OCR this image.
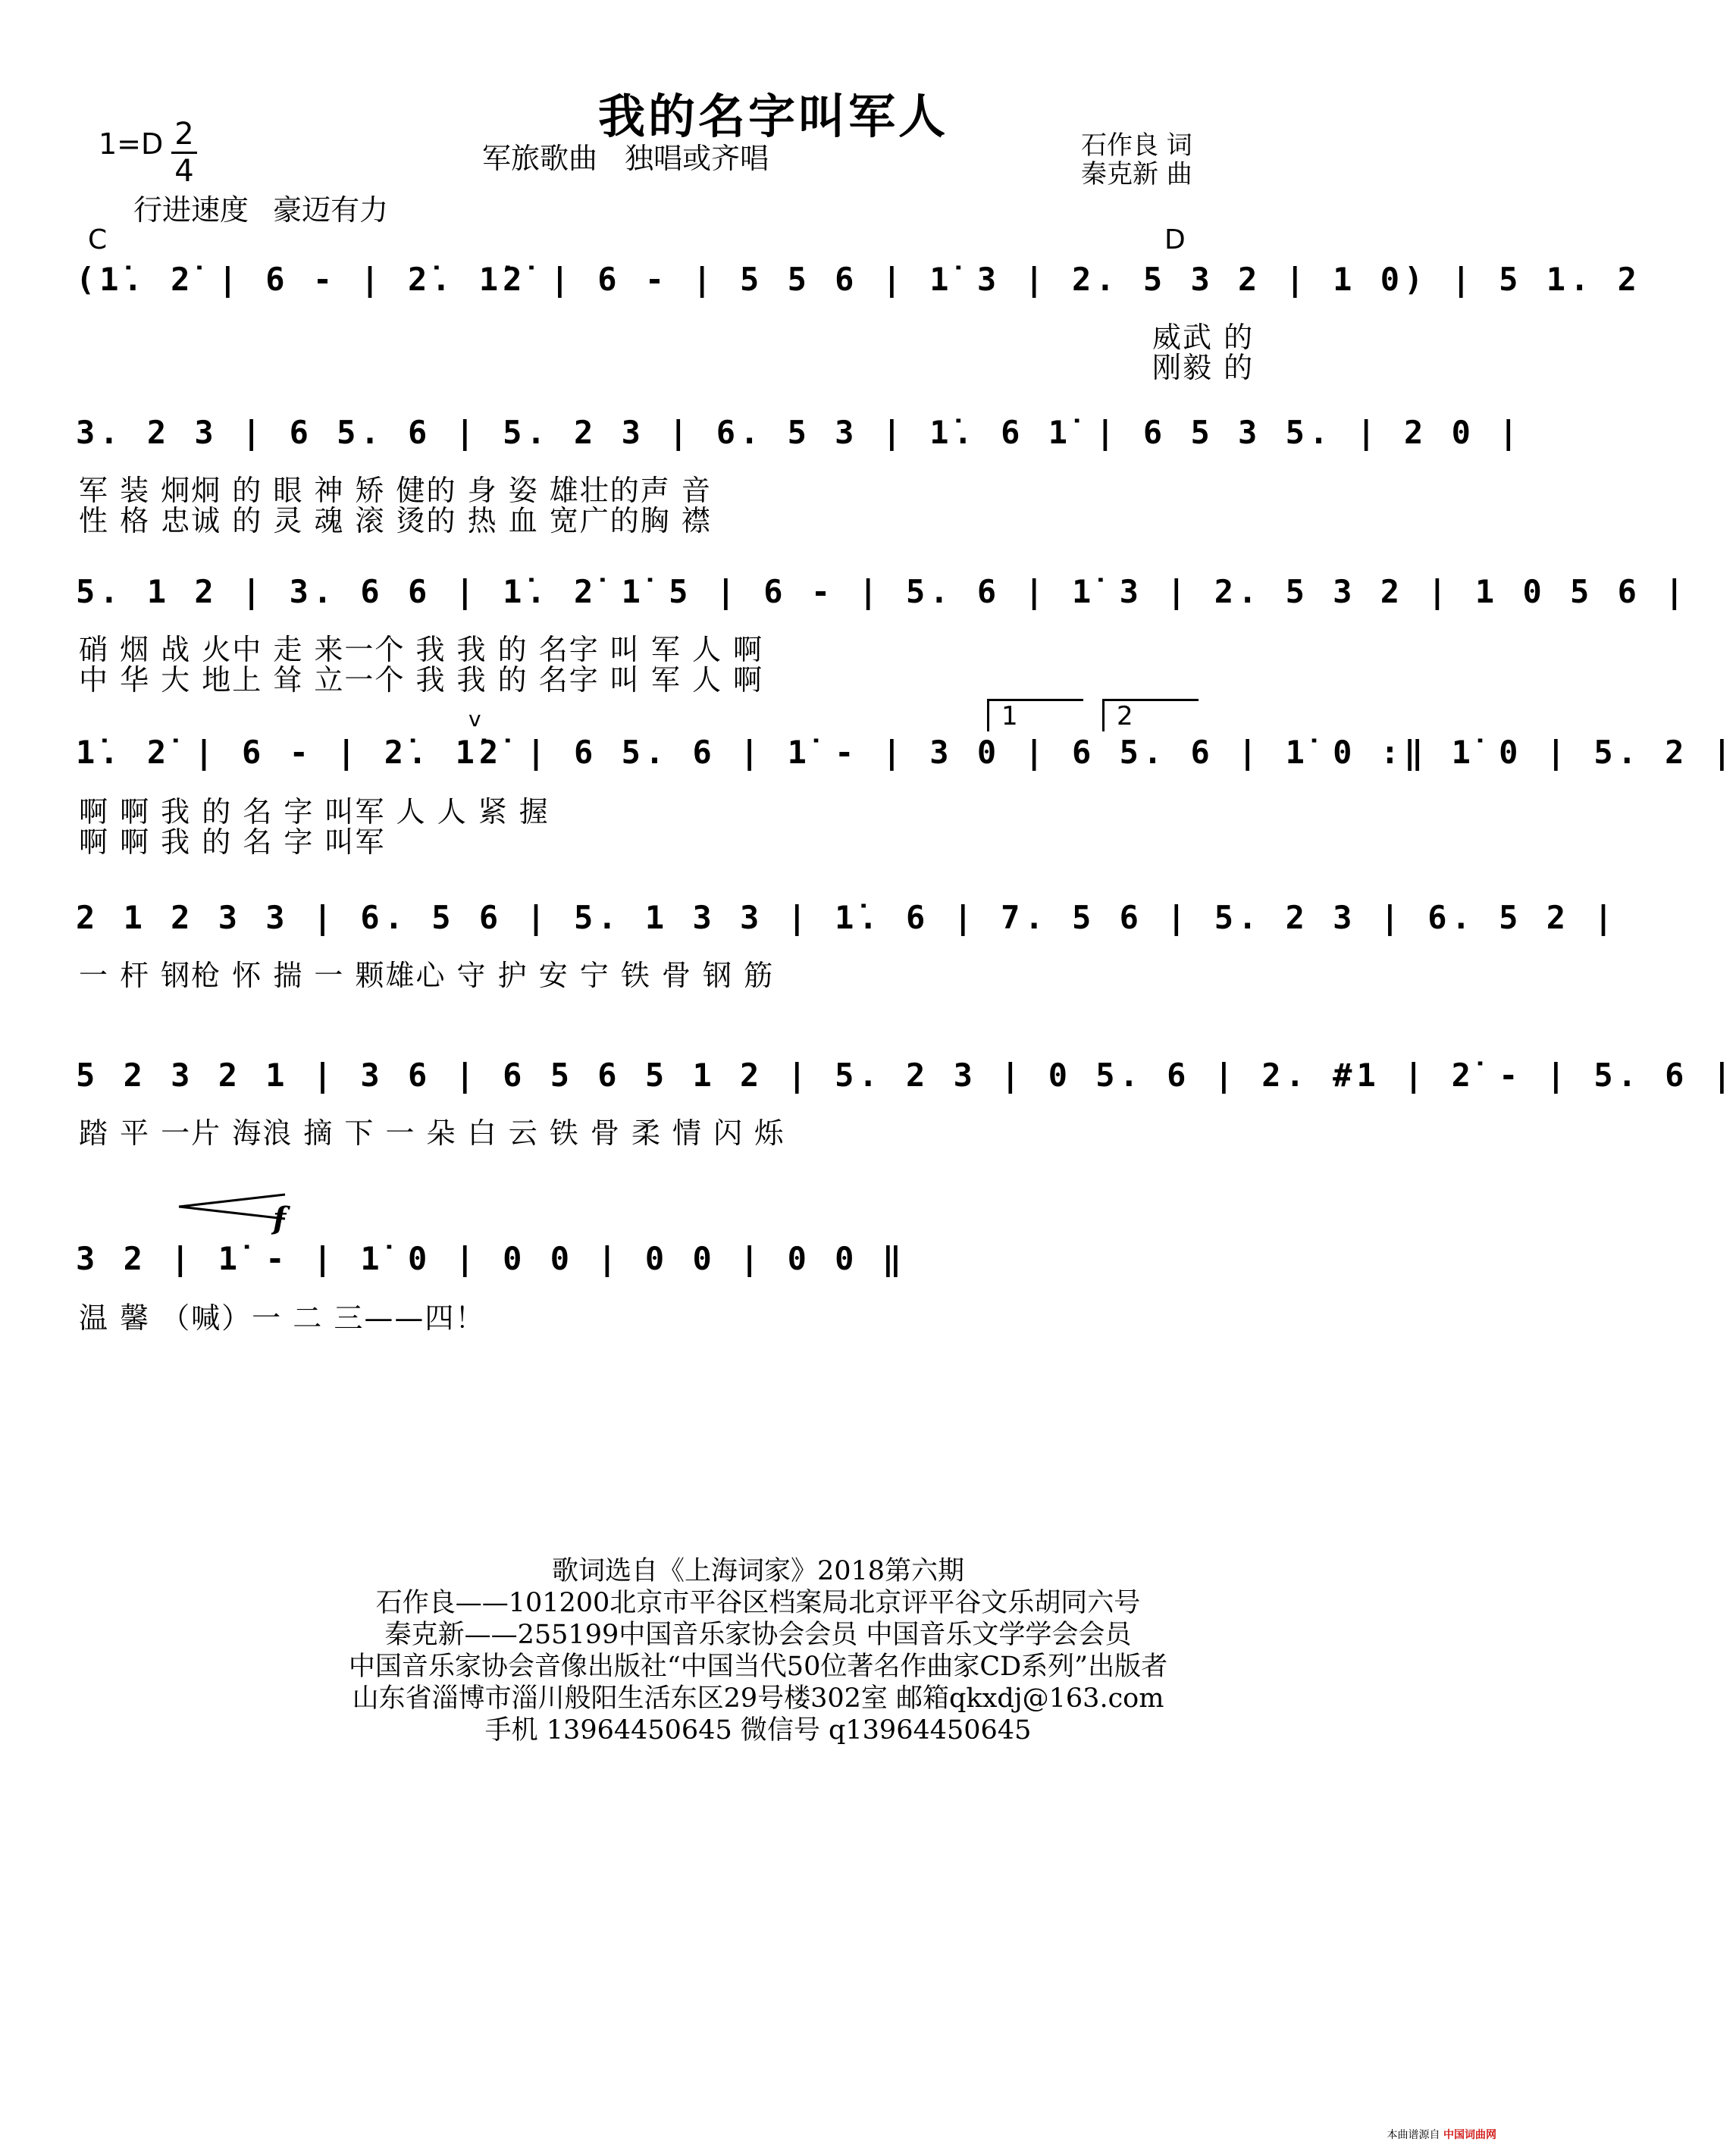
我的名字叫军人
1=D 2
4	军旅歌曲 独唱或齐唱	石作良 词
秦克新 曲
行进速度 豪迈有力
C	D
(1̇. 2̇ | 6 - | 2̇. 1̇2̇ | 6 - | 5 5 6 | 1̇ 3 | 2. 5 3 2 | 1 0) | 5 1. 2
威武 的
刚毅 的
3. 2 3 | 6 5. 6 | 5. 2 3 | 6. 5 3 | 1̇. 6 1̇ | 6 5 3 5. | 2 0 |
军 装 炯炯 的 眼 神 矫 健的 身 姿 雄壮的声 音
性 格 忠诚 的 灵 魂 滚 烫的 热 血 宽广的胸 襟
5. 1 2 | 3. 6 6 | 1̇. 2̇ 1̇ 5 | 6 - | 5. 6 | 1̇ 3 | 2. 5 3 2 | 1 0 5 6 |
硝 烟 战 火中 走 来一个 我 我 的 名字 叫 军 人 啊
中 华 大 地上 耸 立一个 我 我 的 名字 叫 军 人 啊
1	2
v
1̇. 2̇ | 6 - | 2̇. 1̇2̇ | 6 5. 6 | 1̇ - | 3 0 | 6 5. 6 | 1̇ 0 :‖ 1̇ 0 | 5. 2 |
啊 啊 我 的 名 字 叫军 人 人 紧 握
啊 啊 我 的 名 字 叫军
2 1 2 3 3 | 6. 5 6 | 5. 1 3 3 | 1̇. 6 | 7. 5 6 | 5. 2 3 | 6. 5 2 |
一 杆 钢枪 怀 揣 一 颗雄心 守 护 安 宁 铁 骨 钢 筋
5 2 3 2 1 | 3 6 | 6 5 6 5 1 2 | 5. 2 3 | 0 5. 6 | 2. #1 | 2̇ - | 5. 6 |
踏 平 一片 海浪 摘 下 一 朵 白 云 铁 骨 柔 情 闪 烁
f
3 2 | 1̇ - | 1̇ 0 | 0 0 | 0 0 | 0 0 ‖
温 馨 （喊）一 二 三——四！
歌词选自《上海词家》2018第六期
石作良——101200北京市平谷区档案局北京评平谷文乐胡同六号
秦克新——255199中国音乐家协会会员 中国音乐文学学会会员
中国音乐家协会音像出版社“中国当代50位著名作曲家CD系列”出版者
山东省淄博市淄川般阳生活东区29号楼302室 邮箱qkxdj@163.com
手机 13964450645 微信号 q13964450645
本曲谱源自 中国词曲网
